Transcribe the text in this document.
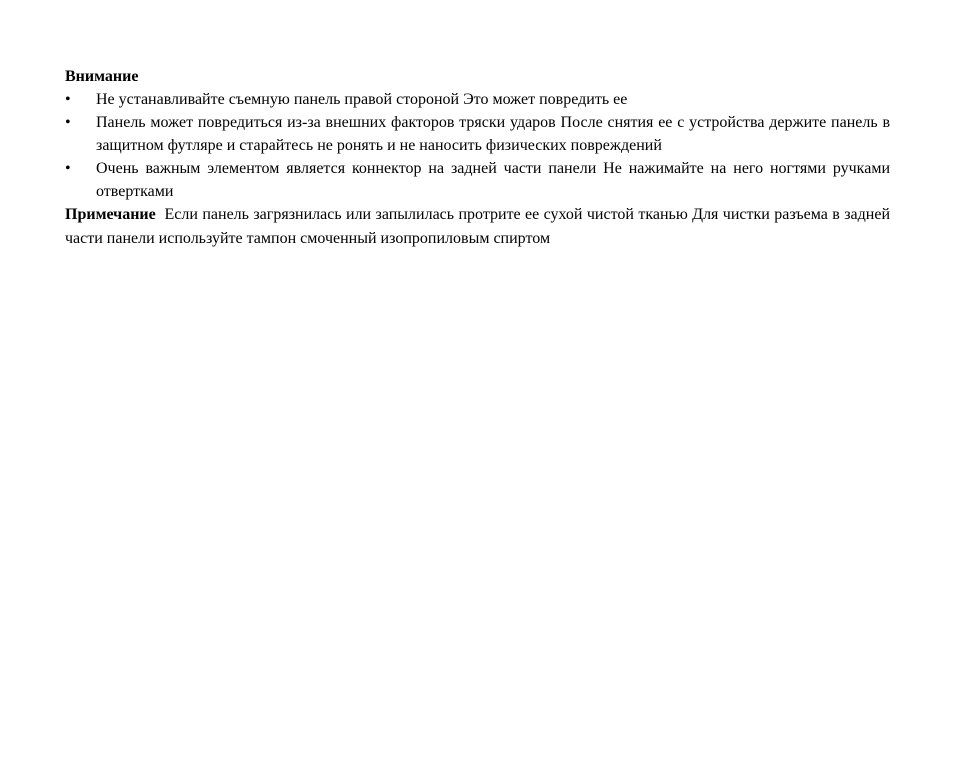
Внимание

• Не устанавливайте съемную панель правой стороной Это может повредить ее
• Панель может повредиться из-за внешних факторов тряски ударов После снятия ее с устройства держите панель в защитном футляре и старайтесь не ронять и не наносить физических повреждений
• Очень важным элементом является коннектор на задней части панели Не нажимайте на него ногтями ручками отвертками

Примечание Если панель загрязнилась или запылилась протрите ее сухой чистой тканью Для чистки разъема в задней части панели используйте тампон смоченный изопропиловым спиртом
